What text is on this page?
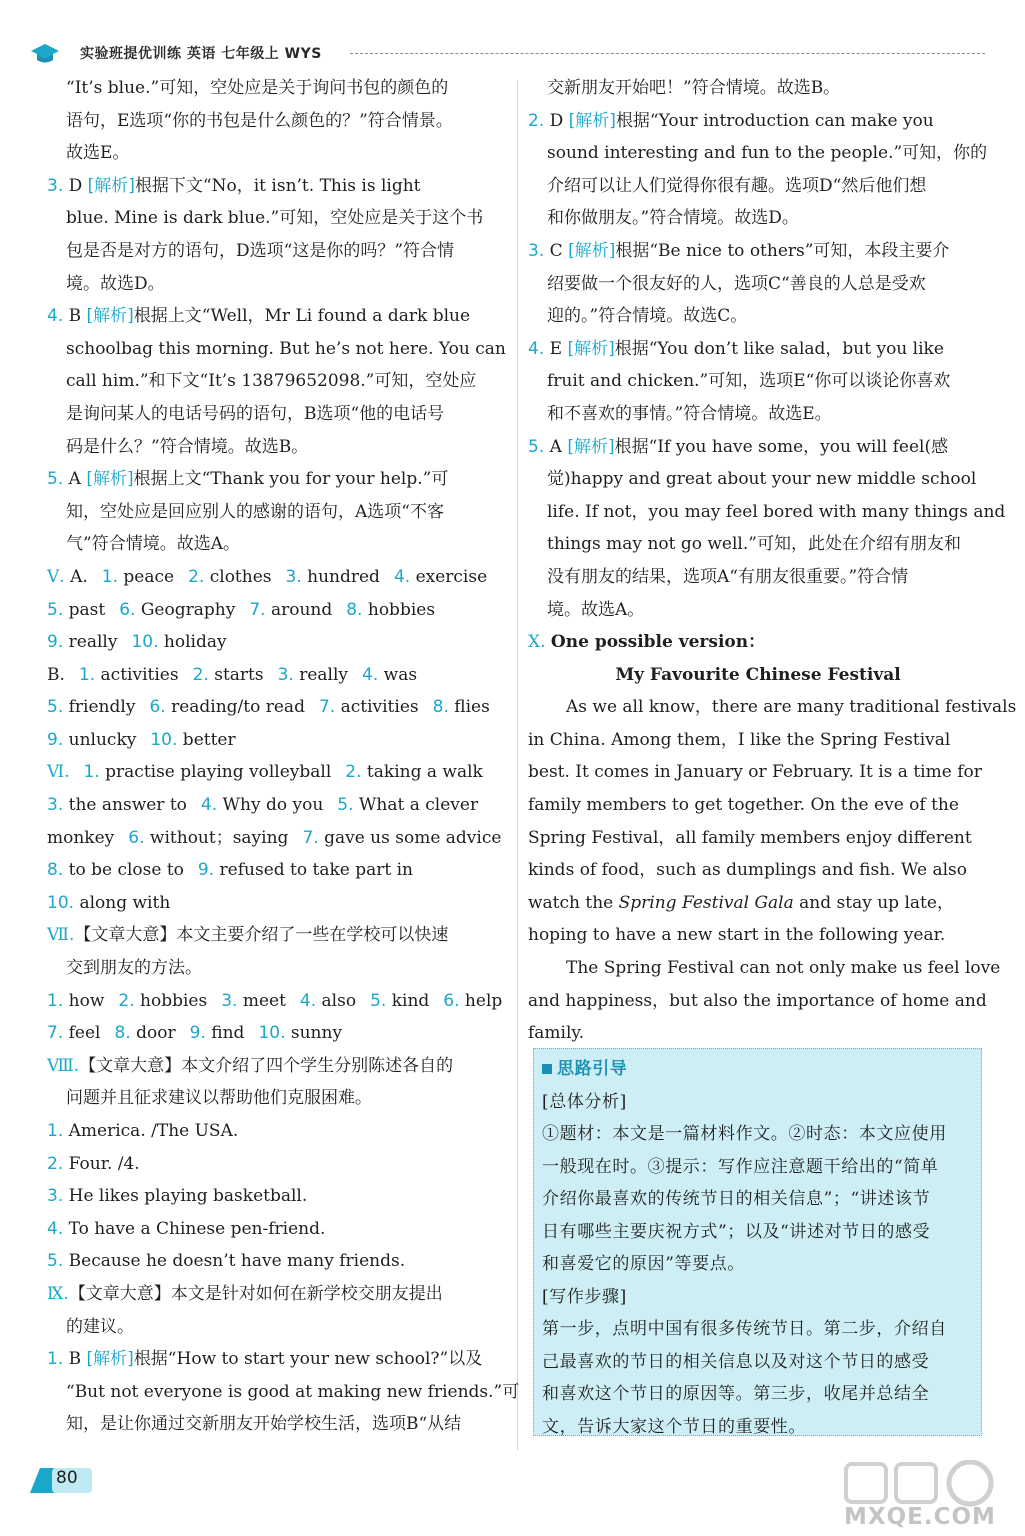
实验班提优训练 英语 七年级上 WYS
“It’s blue.”可知，空处应是关于询问书包的颜色的
语句，E选项“你的书包是什么颜色的？”符合情景。
故选E。
3. D [解析]根据下文“No，it isn’t. This is light
blue. Mine is dark blue.”可知，空处应是关于这个书
包是否是对方的语句，D选项“这是你的吗？”符合情
境。故选D。
4. B [解析]根据上文“Well，Mr Li found a dark blue
schoolbag this morning. But he’s not here. You can
call him.”和下文“It’s 13879652098.”可知，空处应
是询问某人的电话号码的语句，B选项“他的电话号
码是什么？”符合情境。故选B。
5. A [解析]根据上文“Thank you for your help.”可
知，空处应是回应别人的感谢的语句，A选项“不客
气”符合情境。故选A。
Ⅴ. A. 1. peace 2. clothes 3. hundred 4. exercise
5. past 6. Geography 7. around 8. hobbies
9. really 10. holiday
B. 1. activities 2. starts 3. really 4. was
5. friendly 6. reading/to read 7. activities 8. flies
9. unlucky 10. better
Ⅵ. 1. practise playing volleyball 2. taking a walk
3. the answer to 4. Why do you 5. What a clever
monkey 6. without；saying 7. gave us some advice
8. to be close to 9. refused to take part in
10. along with
Ⅶ.【文章大意】本文主要介绍了一些在学校可以快速
交到朋友的方法。
1. how 2. hobbies 3. meet 4. also 5. kind 6. help
7. feel 8. door 9. find 10. sunny
Ⅷ.【文章大意】本文介绍了四个学生分别陈述各自的
问题并且征求建议以帮助他们克服困难。
1. America. /The USA.
2. Four. /4.
3. He likes playing basketball.
4. To have a Chinese pen-friend.
5. Because he doesn’t have many friends.
Ⅸ.【文章大意】本文是针对如何在新学校交朋友提出
的建议。
1. B [解析]根据“How to start your new school?”以及
“But not everyone is good at making new friends.”可
知，是让你通过交新朋友开始学校生活，选项B“从结
交新朋友开始吧！”符合情境。故选B。
2. D [解析]根据“Your introduction can make you
sound interesting and fun to the people.”可知，你的
介绍可以让人们觉得你很有趣。选项D“然后他们想
和你做朋友。”符合情境。故选D。
3. C [解析]根据“Be nice to others”可知，本段主要介
绍要做一个很友好的人，选项C“善良的人总是受欢
迎的。”符合情境。故选C。
4. E [解析]根据“You don’t like salad，but you like
fruit and chicken.”可知，选项E“你可以谈论你喜欢
和不喜欢的事情。”符合情境。故选E。
5. A [解析]根据“If you have some，you will feel(感
觉)happy and great about your new middle school
life. If not，you may feel bored with many things and
things may not go well.”可知，此处在介绍有朋友和
没有朋友的结果，选项A“有朋友很重要。”符合情
境。故选A。
Ⅹ. One possible version：
My Favourite Chinese Festival
As we all know，there are many traditional festivals
in China. Among them，I like the Spring Festival
best. It comes in January or February. It is a time for
family members to get together. On the eve of the
Spring Festival，all family members enjoy different
kinds of food，such as dumplings and fish. We also
watch the Spring Festival Gala and stay up late，
hoping to have a new start in the following year.
The Spring Festival can not only make us feel love
and happiness，but also the importance of home and
family.
思路引导
[总体分析]
①题材：本文是一篇材料作文。②时态：本文应使用
一般现在时。③提示：写作应注意题干给出的“简单
介绍你最喜欢的传统节日的相关信息”；“讲述该节
日有哪些主要庆祝方式”；以及“讲述对节日的感受
和喜爱它的原因”等要点。
[写作步骤]
第一步，点明中国有很多传统节日。第二步，介绍自
己最喜欢的节日的相关信息以及对这个节日的感受
和喜欢这个节日的原因等。第三步，收尾并总结全
文，告诉大家这个节日的重要性。
80
MXQE.COM
